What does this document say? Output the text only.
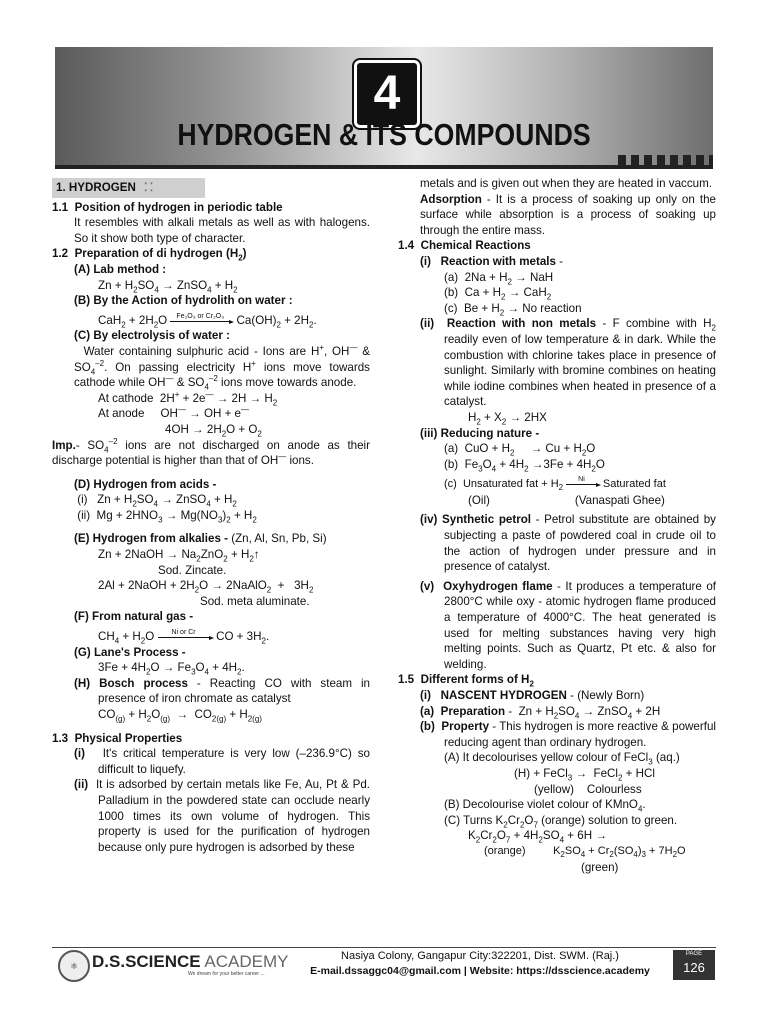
4
HYDROGEN & ITS COMPOUNDS
1. HYDROGEN ⁚⁚

1.1 Position of hydrogen in periodic table

It resembles with alkali metals as well as with halogens. So it show both type of character.

1.2 Preparation of di hydrogen $(H_2)$

(A) Lab method :

$Zn + H_2SO_4$ → ZnSO$_4$ + $H_2$

(B) By the Action of hydrolith on water :

$CaH_2 + 2H_2O$ Fe₂O₃ or Cr₂O₃  $Ca(OH)_2 + 2H_2$.

(C) By electrolysis of water :

Water containing sulphuric acid - Ions are H+, OH— & $SO_4^{-2}$. On passing electricity H+ ions move towards cathode while OH— & $SO_4^{-2}$ ions move towards anode.

At cathode  $2H^+ + 2e^— \to 2H \to H_2$

At anode     OH— → OH + e—

$4OH \to 2H_2O + O_2$

Imp.- $SO_4^{-2}$ ions are not discharged on anode as their discharge potential is higher than that of OH— ions.

(D) Hydrogen from acids -

(i)   $Zn + H_2SO_4$ → ZnSO$_4$ + $H_2$

(ii)  $Mg + 2HNO_3 \to Mg(NO_3)_2 + H_2$

(E) Hydrogen from alkalies - (Zn, Al, Sn, Pb, Si)

Zn + 2NaOH → $Na_2ZnO_2$ + $H_2↑$

Sod. Zincate.

2Al + 2NaOH + $2H_2O$ → 2NaAlO$_2$  +   $3H_2$

Sod. meta aluminate.

(F) From natural gas -

$CH_4 + H_2O$ Ni or Cr  CO + $3H_2$.

(G) Lane's Process -

$3Fe + 4H_2O \to Fe_3O_4 + 4H_2$.

(H) Bosch process - Reacting CO with steam in presence of iron chromate as catalyst

$CO_{(g)} + H_2O_{(g)} \to CO_{2(g)} + H_{2(g)}$

1.3 Physical Properties

(i) It's critical temperature is very low (–236.9°C) so difficult to liquefy.

(ii) It is adsorbed by certain metals like Fe, Au, Pt & Pd. Palladium in the powdered state can occlude nearly 1000 times its own volume of hydrogen. This property is used for the purification of hydrogen because only pure hydrogen is adsorbed by these

metals and is given out when they are heated in vaccum.

Adsorption - It is a process of soaking up only on the surface while absorption is a process of soaking up through the entire mass.

1.4 Chemical Reactions

(i) Reaction with metals -

(a)  $2Na + H_2$ → NaH

(b)  $Ca + H_2 \to CaH_2$

(c)  $Be + H_2 \to No$ reaction

(ii) Reaction with non metals - F combine with $H_2$ readily even of low temperature & in dark. While the combustion with chlorine takes place in presence of sunlight. Similarly with bromine combines on heating while iodine combines when heated in presence of a catalyst.

$H_2 + X_2 \to 2HX$

(iii) Reducing nature -

(a)  CuO + $H_2$     → $Cu + H_2O$

(b)  $Fe_3O_4 + 4H_2 \to 3Fe + 4H_2O$

(c)  Unsaturated fat + $H_2$ Ni Saturated fat

(Oil)	(Vanaspati Ghee)

(iv) Synthetic petrol - Petrol substitute are obtained by subjecting a paste of powdered coal in crude oil to the action of hydrogen under pressure and in presence of catalyst.

(v) Oxyhydrogen flame - It produces a temperature of 2800°C while oxy - atomic hydrogen flame produced a temperature of 4000°C. The heat generated is used for melting substances having very high melting points. Such as Quartz, Pt etc. & also for welding.

1.5 Different forms of $H_2$

(i) NASCENT HYDROGEN - (Newly Born)

(a) Preparation -  $Zn + H_2SO_4$ → ZnSO$_4$ + 2H

(b) Property - This hydrogen is more reactive & powerful reducing agent than ordinary hydrogen.

(A) It decolourises yellow colour of FeCl$_3$ (aq.)

(H) + FeCl$_3$ →  FeCl$_2$ + HCl

(yellow) Colourless

(B) Decolourise violet colour of KMnO$_4$.

(C) Turns $K_2Cr_2O_7$ (orange) solution to green.

$K_2Cr_2O_7 + 4H_2SO_4 + 6H$ →

(orange)         $K_2SO_4 + Cr_2(SO_4)_3 + 7H_2O$

(green)

⚛ D.S.SCIENCE ACADEMY
We dream for your better career ...
Nasiya Colony, Gangapur City:322201, Dist. SWM. (Raj.)
E-mail.dssaggc04@gmail.com | Website: https://dsscience.academy
PAGE
126
